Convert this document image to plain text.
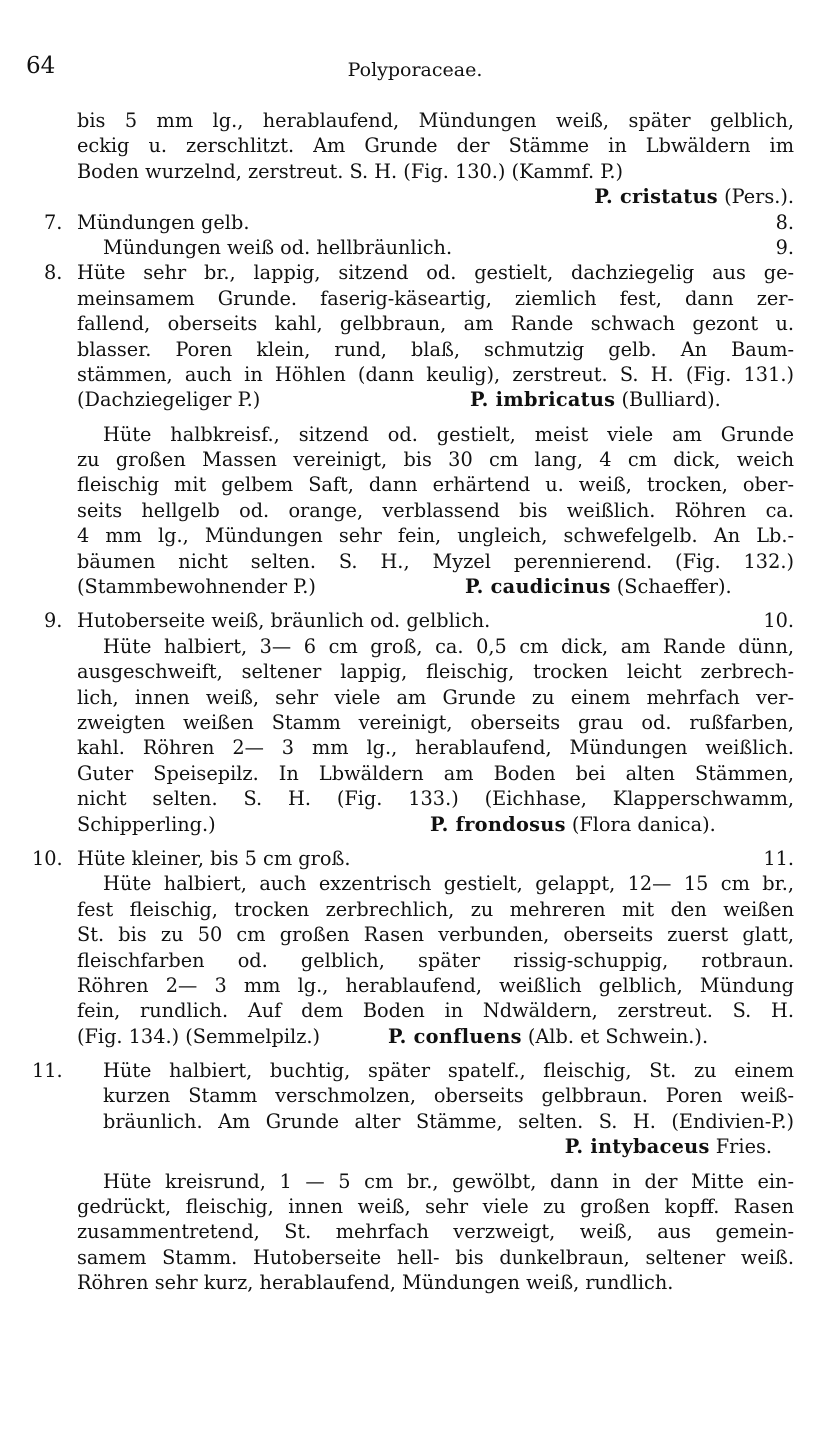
64	Polyporaceae.
bis 5 mm lg., herablaufend, Mündungen weiß, später gelblich,
eckig u. zerschlitzt. Am Grunde der Stämme in Lbwäldern im
Boden wurzelnd, zerstreut. S. H. (Fig. 130.) (Kammf. P.)
P. cristatus (Pers.).
7. Mündungen gelb.	8.
Mündungen weiß od. hellbräunlich.	9.
8. Hüte sehr br., lappig, sitzend od. gestielt, dachziegelig aus ge-
meinsamem Grunde. faserig-käseartig, ziemlich fest, dann zer-
fallend, oberseits kahl, gelbbraun, am Rande schwach gezont u.
blasser. Poren klein, rund, blaß, schmutzig gelb. An Baum-
stämmen, auch in Höhlen (dann keulig), zerstreut. S. H. (Fig. 131.)
(Dachziegeliger P.)	P. imbricatus (Bulliard).
Hüte halbkreisf., sitzend od. gestielt, meist viele am Grunde
zu großen Massen vereinigt, bis 30 cm lang, 4 cm dick, weich
fleischig mit gelbem Saft, dann erhärtend u. weiß, trocken, ober-
seits hellgelb od. orange, verblassend bis weißlich. Röhren ca.
4 mm lg., Mündungen sehr fein, ungleich, schwefelgelb. An Lb.-
bäumen nicht selten. S. H., Myzel perennierend. (Fig. 132.)
(Stammbewohnender P.)	P. caudicinus (Schaeffer).
9. Hutoberseite weiß, bräunlich od. gelblich.	10.
Hüte halbiert, 3— 6 cm groß, ca. 0,5 cm dick, am Rande dünn,
ausgeschweift, seltener lappig, fleischig, trocken leicht zerbrech-
lich, innen weiß, sehr viele am Grunde zu einem mehrfach ver-
zweigten weißen Stamm vereinigt, oberseits grau od. rußfarben,
kahl. Röhren 2— 3 mm lg., herablaufend, Mündungen weißlich.
Guter Speisepilz. In Lbwäldern am Boden bei alten Stämmen,
nicht selten. S. H. (Fig. 133.) (Eichhase, Klapperschwamm,
Schipperling.)	P. frondosus (Flora danica).
10. Hüte kleiner, bis 5 cm groß.	11.
Hüte halbiert, auch exzentrisch gestielt, gelappt, 12— 15 cm br.,
fest fleischig, trocken zerbrechlich, zu mehreren mit den weißen
St. bis zu 50 cm großen Rasen verbunden, oberseits zuerst glatt,
fleischfarben od. gelblich, später rissig-schuppig, rotbraun.
Röhren 2— 3 mm lg., herablaufend, weißlich gelblich, Mündung
fein, rundlich. Auf dem Boden in Ndwäldern, zerstreut. S. H.
(Fig. 134.) (Semmelpilz.)	P. confluens (Alb. et Schwein.).
11.	Hüte halbiert, buchtig, später spatelf., fleischig, St. zu einem
kurzen Stamm verschmolzen, oberseits gelbbraun. Poren weiß-
bräunlich. Am Grunde alter Stämme, selten. S. H. (Endivien-P.)
P. intybaceus Fries.
Hüte kreisrund, 1 — 5 cm br., gewölbt, dann in der Mitte ein-
gedrückt, fleischig, innen weiß, sehr viele zu großen kopff. Rasen
zusammentretend, St. mehrfach verzweigt, weiß, aus gemein-
samem Stamm. Hutoberseite hell- bis dunkelbraun, seltener weiß.
Röhren sehr kurz, herablaufend, Mündungen weiß, rundlich.
